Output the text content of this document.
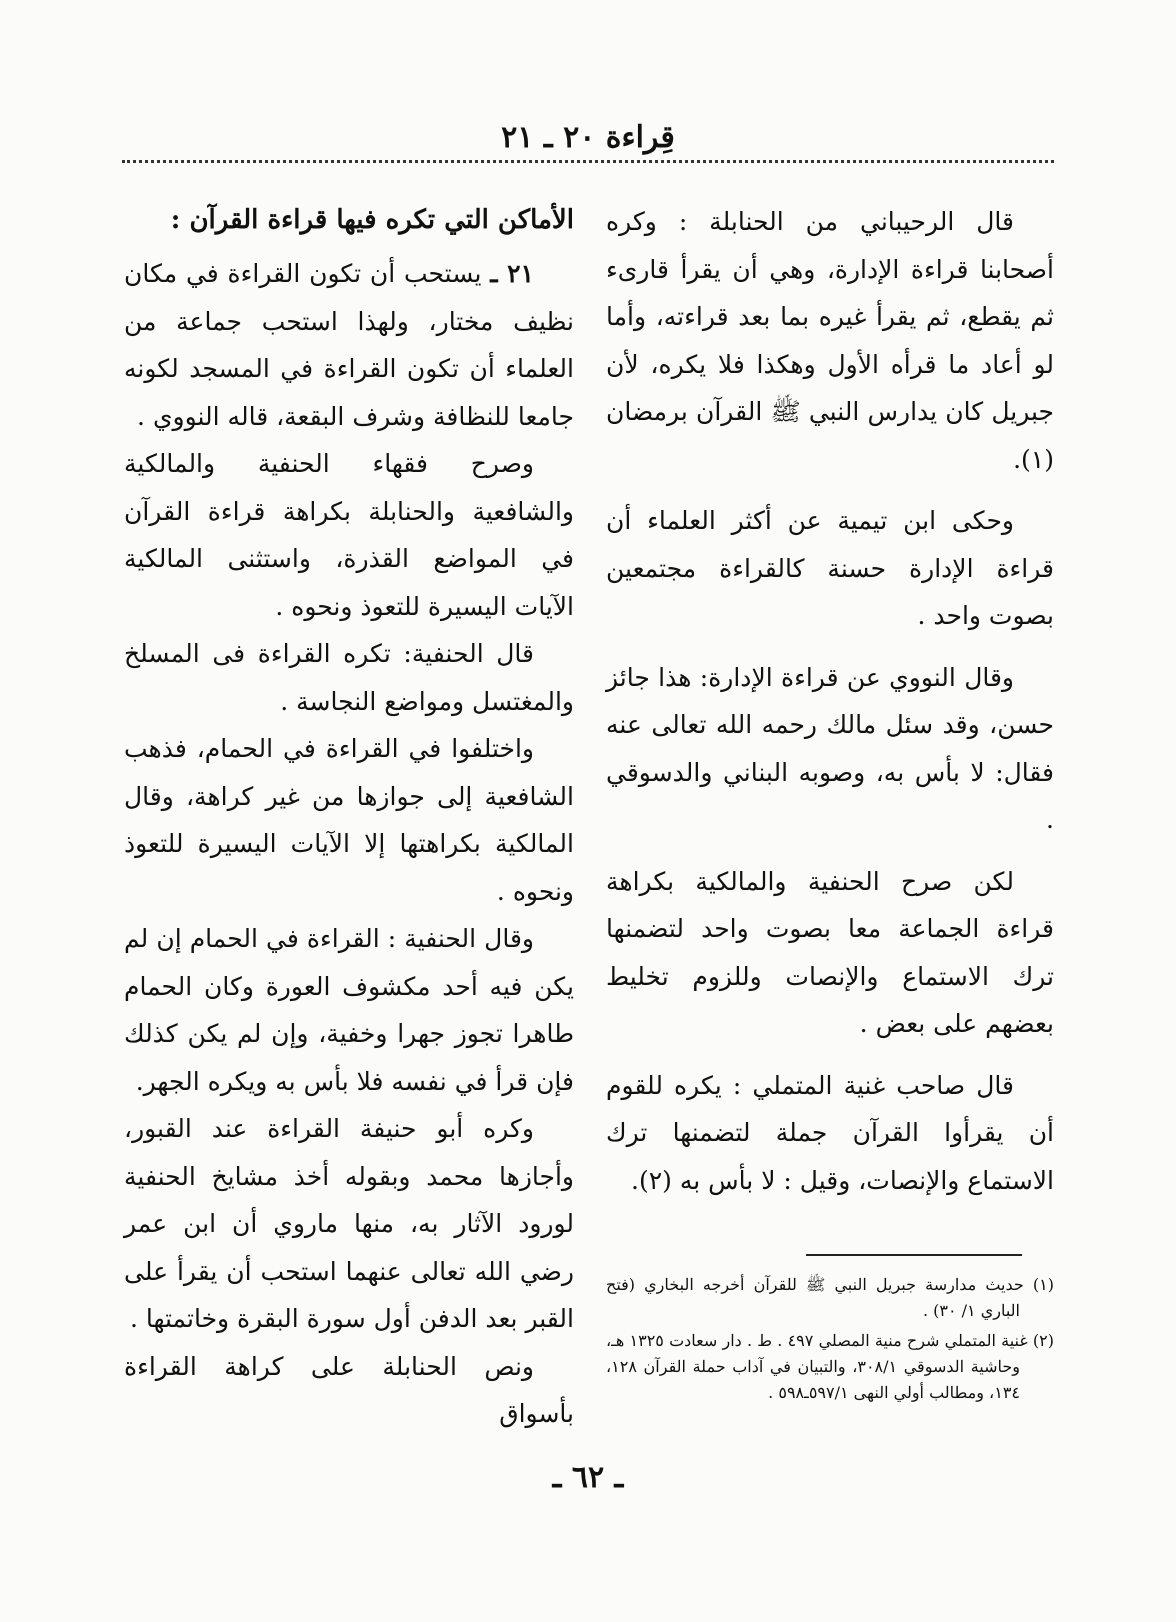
قِراءة ٢٠ ـ ٢١

قال الرحيباني من الحنابلة : وكره أصحابنا قراءة الإدارة، وهي أن يقرأ قارىء ثم يقطع، ثم يقرأ غيره بما بعد قراءته، وأما لو أعاد ما قرأه الأول وهكذا فلا يكره، لأن جبريل كان يدارس النبي ﷺ القرآن برمضان (١).

وحكى ابن تيمية عن أكثر العلماء أن قراءة الإدارة حسنة كالقراءة مجتمعين بصوت واحد .

وقال النووي عن قراءة الإدارة: هذا جائز حسن، وقد سئل مالك رحمه الله تعالى عنه فقال: لا بأس به، وصوبه البناني والدسوقي .

لكن صرح الحنفية والمالكية بكراهة قراءة الجماعة معا بصوت واحد لتضمنها ترك الاستماع والإنصات وللزوم تخليط بعضهم على بعض .

قال صاحب غنية المتملي : يكره للقوم أن يقرأوا القرآن جملة لتضمنها ترك الاستماع والإنصات، وقيل : لا بأس به (٢).

الأماكن التي تكره فيها قراءة القرآن :

٢١ ـ يستحب أن تكون القراءة في مكان نظيف مختار، ولهذا استحب جماعة من العلماء أن تكون القراءة في المسجد لكونه جامعا للنظافة وشرف البقعة، قاله النووي .

وصرح فقهاء الحنفية والمالكية والشافعية والحنابلة بكراهة قراءة القرآن في المواضع القذرة، واستثنى المالكية الآيات اليسيرة للتعوذ ونحوه .

قال الحنفية: تكره القراءة فى المسلخ والمغتسل ومواضع النجاسة .

واختلفوا في القراءة في الحمام، فذهب الشافعية إلى جوازها من غير كراهة، وقال المالكية بكراهتها إلا الآيات اليسيرة للتعوذ ونحوه .

وقال الحنفية : القراءة في الحمام إن لم يكن فيه أحد مكشوف العورة وكان الحمام طاهرا تجوز جهرا وخفية، وإن لم يكن كذلك فإن قرأ في نفسه فلا بأس به ويكره الجهر.

وكره أبو حنيفة القراءة عند القبور، وأجازها محمد وبقوله أخذ مشايخ الحنفية لورود الآثار به، منها ماروي أن ابن عمر رضي الله تعالى عنهما استحب أن يقرأ على القبر بعد الدفن أول سورة البقرة وخاتمتها .

ونص الحنابلة على كراهة القراءة بأسواق

(١) حديث مدارسة جبريل النبي ﷺ للقرآن أخرجه البخاري (فتح الباري ١/ ٣٠) .

(٢) غنية المتملي شرح منية المصلي ٤٩٧ . ط . دار سعادت ١٣٢٥ هـ، وحاشية الدسوقي ٣٠٨/١، والتبيان في آداب حملة القرآن ١٢٨، ١٣٤، ومطالب أولي النهى ٥٩٧/١ـ٥٩٨ .

ـ ٦٢ ـ
